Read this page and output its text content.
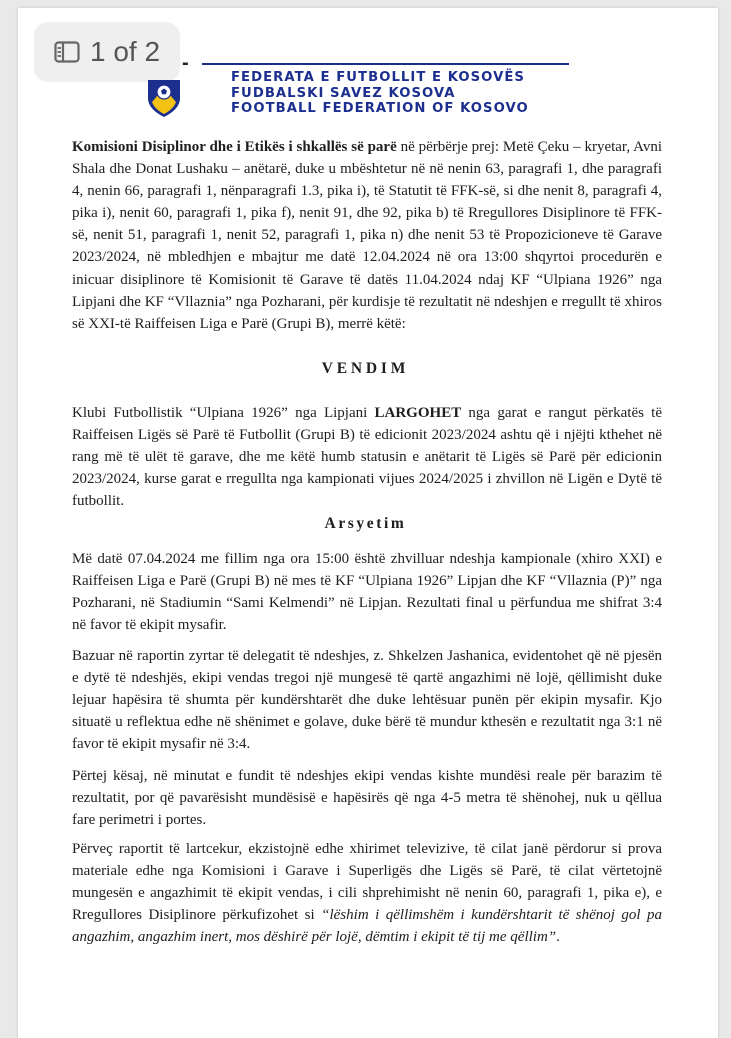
1 of 2 -
FEDERATA E FUTBOLLIT E KOSOVËS
FUDBALSKI SAVEZ KOSOVA
FOOTBALL FEDERATION OF KOSOVO

Komisioni Disiplinor dhe i Etikës i shkallës së parë në përbërje prej: Metë Çeku – kryetar, Avni Shala dhe Donat Lushaku – anëtarë, duke u mbështetur në në nenin 63, paragrafi 1, dhe paragrafi 4, nenin 66, paragrafi 1, nënparagrafi 1.3, pika i), të Statutit të FFK-së, si dhe nenit 8, paragrafi 4, pika i), nenit 60, paragrafi 1, pika f), nenit 91, dhe 92, pika b) të Rregullores Disiplinore të FFK-së, nenit 51, paragrafi 1, nenit 52, paragrafi 1, pika n) dhe nenit 53 të Propozicioneve të Garave 2023/2024, në mbledhjen e mbajtur me datë 12.04.2024 në ora 13:00 shqyrtoi procedurën e inicuar disiplinore të Komisionit të Garave të datës 11.04.2024 ndaj KF “Ulpiana 1926” nga Lipjani dhe KF “Vllaznia” nga Pozharani, për kurdisje të rezultatit në ndeshjen e rregullt të xhiros së XXI-të Raiffeisen Liga e Parë (Grupi B), merrë këtë:

VENDIM

Klubi Futbollistik “Ulpiana 1926” nga Lipjani LARGOHET nga garat e rangut përkatës të Raiffeisen Ligës së Parë të Futbollit (Grupi B) të edicionit 2023/2024 ashtu që i njëjti kthehet në rang më të ulët të garave, dhe me këtë humb statusin e anëtarit të Ligës së Parë për edicionin 2023/2024, kurse garat e rregullta nga kampionati vijues 2024/2025 i zhvillon në Ligën e Dytë të futbollit.

Arsyetim

Më datë 07.04.2024 me fillim nga ora 15:00 është zhvilluar ndeshja kampionale (xhiro XXI) e Raiffeisen Liga e Parë (Grupi B) në mes të KF “Ulpiana 1926” Lipjan dhe KF “Vllaznia (P)” nga Pozharani, në Stadiumin “Sami Kelmendi” në Lipjan. Rezultati final u përfunduа me shifrat 3:4 në favor të ekipit mysafir.

Bazuar në raportin zyrtar të delegatit të ndeshjes, z. Shkelzen Jashanica, evidentohet që në pjesën e dytë të ndeshjës, ekipi vendas tregoi një mungesë të qartë angazhimi në lojë, qëllimisht duke lejuar hapësira të shumta për kundërshtarët dhe duke lehtësuar punën për ekipin mysafir. Kjo situatë u reflektua edhe në shënimet e golave, duke bërë të mundur kthesën e rezultatit nga 3:1 në favor të ekipit mysafir në 3:4.

Përtej kësaj, në minutat e fundit të ndeshjes ekipi vendas kishte mundësi reale për barazim të rezultatit, por që pavarësisht mundësisë e hapësirës që nga 4-5 metra të shënohej, nuk u qëllua fare perimetri i portes.

Përveç raportit të lartcekur, ekzistojnë edhe xhirimet televizive, të cilat janë përdorur si prova materiale edhe nga Komisioni i Garave i Superligës dhe Ligës së Parë, të cilat vërtetojnë mungesën e angazhimit të ekipit vendas, i cili shprehimisht në nenin 60, paragrafi 1, pika e), e Rregullores Disiplinore përkufizohet si “lëshim i qëllimshëm i kundërshtarit të shënoj gol pa angazhim, angazhim inert, mos dëshirë për lojë, dëmtim i ekipit të tij me qëllim”.
